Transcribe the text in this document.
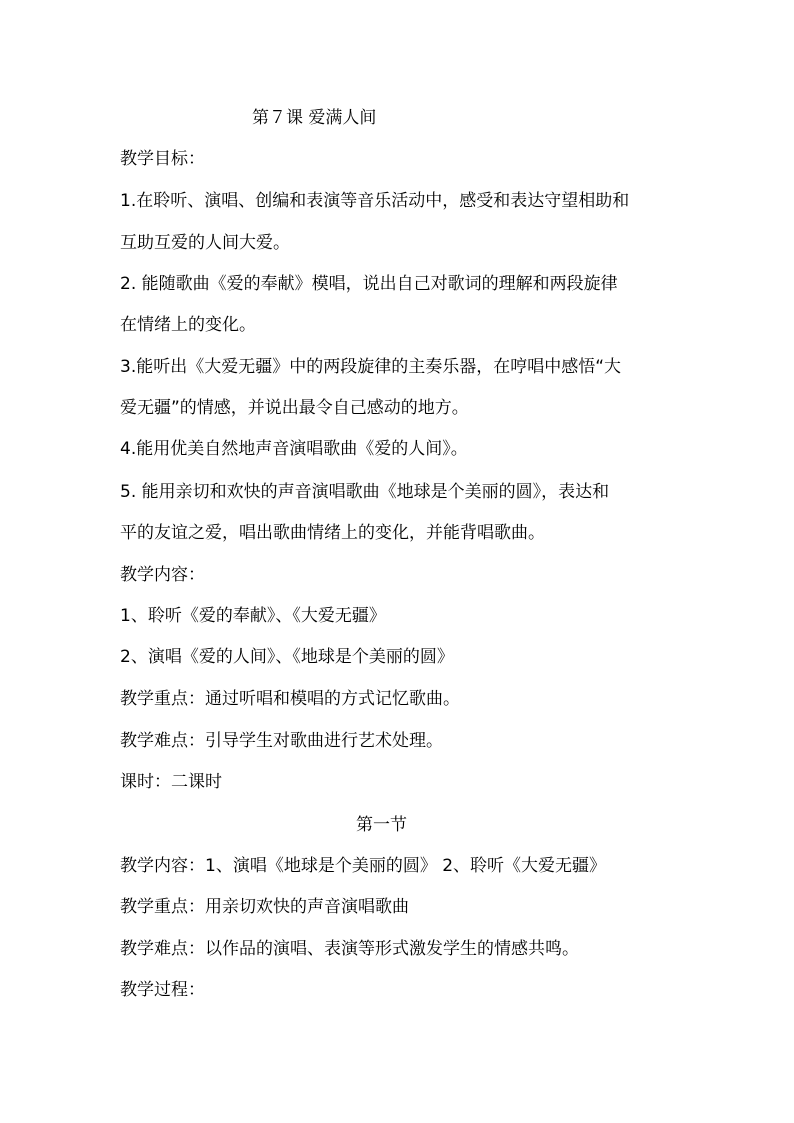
第７课 爱满人间
教学目标：
1.在聆听、演唱、创编和表演等音乐活动中，感受和表达守望相助和
互助互爱的人间大爱。
2. 能随歌曲《爱的奉献》模唱，说出自己对歌词的理解和两段旋律
在情绪上的变化。
3.能听出《大爱无疆》中的两段旋律的主奏乐器，在哼唱中感悟“大
爱无疆”的情感，并说出最令自己感动的地方。
4.能用优美自然地声音演唱歌曲《爱的人间》。
5. 能用亲切和欢快的声音演唱歌曲《地球是个美丽的圆》，表达和
平的友谊之爱，唱出歌曲情绪上的变化，并能背唱歌曲。
教学内容：
1、聆听《爱的奉献》、《大爱无疆》
2、演唱《爱的人间》、《地球是个美丽的圆》
教学重点：通过听唱和模唱的方式记忆歌曲。
教学难点：引导学生对歌曲进行艺术处理。
课时：二课时
第一节
教学内容：1、演唱《地球是个美丽的圆》 2、聆听《大爱无疆》
教学重点：用亲切欢快的声音演唱歌曲
教学难点：以作品的演唱、表演等形式激发学生的情感共鸣。
教学过程：
